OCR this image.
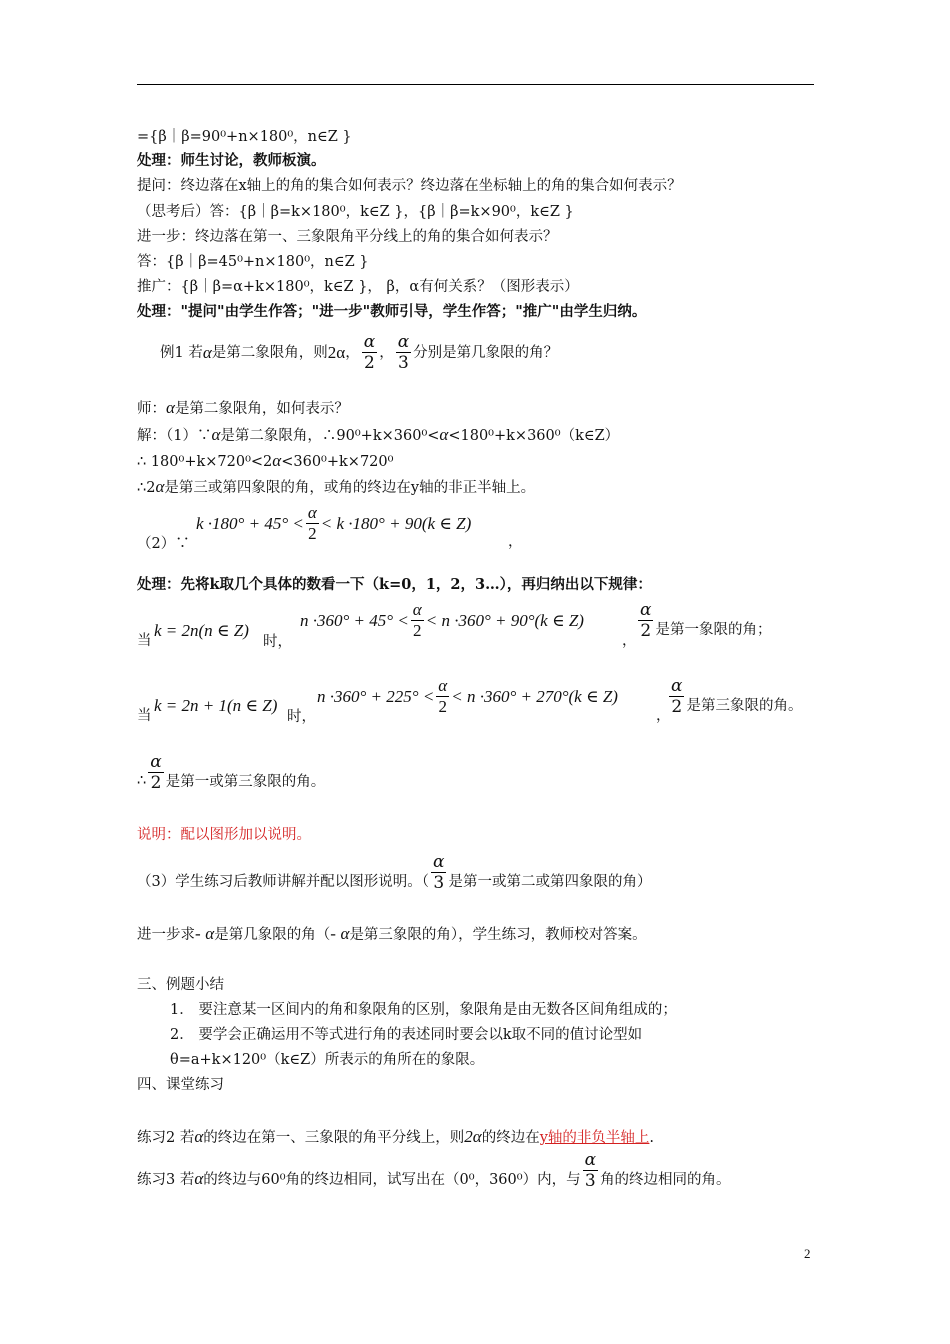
={β｜β=90⁰+n×180⁰，n∈Z }
处理：师生讨论，教师板演。
提问：终边落在x轴上的角的集合如何表示？终边落在坐标轴上的角的集合如何表示？
（思考后）答：{β｜β=k×180⁰，k∈Z }，{β｜β=k×90⁰，k∈Z }
进一步：终边落在第一、三象限角平分线上的角的集合如何表示？
答：{β｜β=45⁰+n×180⁰，n∈Z }
推广：{β｜β=α+k×180⁰，k∈Z }， β，α有何关系？（图形表示）
处理："提问"由学生作答；"进一步"教师引导，学生作答；"推广"由学生归纳。
例1 若 α 是第二象限角，则 2α ， $\frac{\alpha}{2}$ ， $\frac{\alpha}{3}$ 分别是第几象限的角？
师：α是第二象限角，如何表示？
解：（1）∵α是第二象限角，∴90⁰+k×360⁰<α<180⁰+k×360⁰（k∈Z）
∴ 180⁰+k×720⁰<2α<360⁰+k×720⁰
∴2α是第三或第四象限的角，或角的终边在y轴的非正半轴上。
（2）∵
$k \cdot 180^\circ + 45^\circ < \frac{\alpha}{2} < k \cdot 180^\circ + 90(k$ ∈ Z)
，
处理：先将k取几个具体的数看一下（k=0，1，2，3…），再归纳出以下规律：
当
k = 2n(n ∈ Z)
时，
$n \cdot 360^\circ + 45^\circ < \frac{\alpha}{2} < n \cdot 360^\circ + 90^\circ(k$ ∈ Z)
， $\frac{\alpha}{2}$ 是第一象限的角；
当
k = 2n + 1(n ∈ Z)
时，
$n \cdot 360^\circ + 225^\circ < \frac{\alpha}{2} < n \cdot 360^\circ + 270^\circ(k$ ∈ Z)
，
$\frac{\alpha}{2}$ 是第三象限的角。
∴ $\frac{\alpha}{2}$ 是第一或第三象限的角。
说明：配以图形加以说明。
（3）学生练习后教师讲解并配以图形说明。（ $\frac{\alpha}{3}$ 是第一或第二或第四象限的角）
进一步求- α是第几象限的角（- α是第三象限的角），学生练习，教师校对答案。
三、例题小结
1． 要注意某一区间内的角和象限角的区别，象限角是由无数各区间角组成的；
2． 要学会正确运用不等式进行角的表述同时要会以k取不同的值讨论型如
θ=a+k×120⁰（k∈Z）所表示的角所在的象限。
四、课堂练习
练习2 若α的终边在第一、三象限的角平分线上，则2α的终边在y轴的非负半轴上.
练习3 若α的终边与60⁰角的终边相同，试写出在（0⁰，360⁰）内，与 $\frac{\alpha}{3}$ 角的终边相同的角。
2
